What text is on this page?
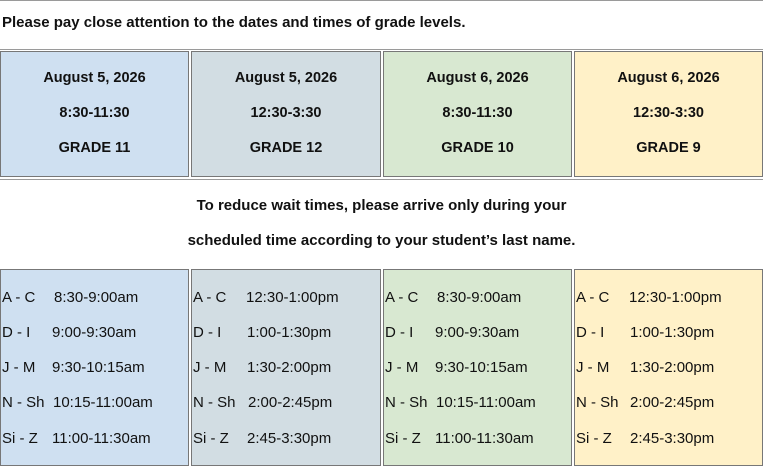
Please pay close attention to the dates and times of grade levels.
August 5, 2026
8:30-11:30
GRADE 11
August 5, 2026
12:30-3:30
GRADE 12
August 6, 2026
8:30-11:30
GRADE 10
August 6, 2026
12:30-3:30
GRADE 9
To reduce wait times, please arrive only during your
scheduled time according to your student’s last name.
A - C 8:30-9:00am
D - I 9:00-9:30am
J - M 9:30-10:15am
N - Sh 10:15-11:00am
Si - Z 11:00-11:30am
A - C 12:30-1:00pm
D - I 1:00-1:30pm
J - M 1:30-2:00pm
N - Sh 2:00-2:45pm
Si - Z 2:45-3:30pm
A - C 8:30-9:00am
D - I 9:00-9:30am
J - M 9:30-10:15am
N - Sh 10:15-11:00am
Si - Z 11:00-11:30am
A - C 12:30-1:00pm
D - I 1:00-1:30pm
J - M 1:30-2:00pm
N - Sh 2:00-2:45pm
Si - Z 2:45-3:30pm
